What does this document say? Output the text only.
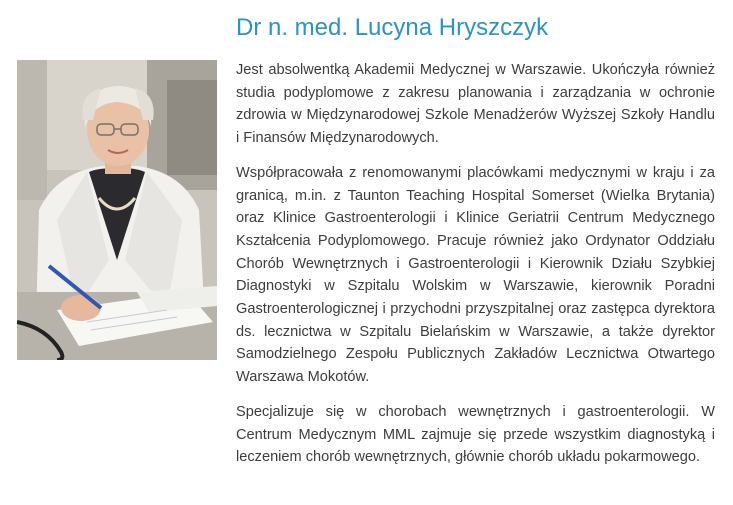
Dr n. med. Lucyna Hryszczyk

Jest absolwentką Akademii Medycznej w Warszawie. Ukończyła również studia podyplomowe z zakresu planowania i zarządzania w ochronie zdrowia w Międzynarodowej Szkole Menadżerów Wyższej Szkoły Handlu i Finansów Międzynarodowych.

Współpracowała z renomowanymi placówkami medycznymi w kraju i za granicą, m.in. z Taunton Teaching Hospital Somerset (Wielka Brytania) oraz Klinice Gastroenterologii i Klinice Geriatrii Centrum Medycznego Kształcenia Podyplomowego. Pracuje również jako Ordynator Oddziału Chorób Wewnętrznych i Gastroenterologii i Kierownik Działu Szybkiej Diagnostyki w Szpitalu Wolskim w Warszawie, kierownik Poradni Gastroenterologicznej i przychodni przyszpitalnej oraz zastępca dyrektora ds. lecznictwa w Szpitalu Bielańskim w Warszawie, a także dyrektor Samodzielnego Zespołu Publicznych Zakładów Lecznictwa Otwartego Warszawa Mokotów.

Specjalizuje się w chorobach wewnętrznych i gastroenterologii. W Centrum Medycznym MML zajmuje się przede wszystkim diagnostyką i leczeniem chorób wewnętrznych, głównie chorób układu pokarmowego.
